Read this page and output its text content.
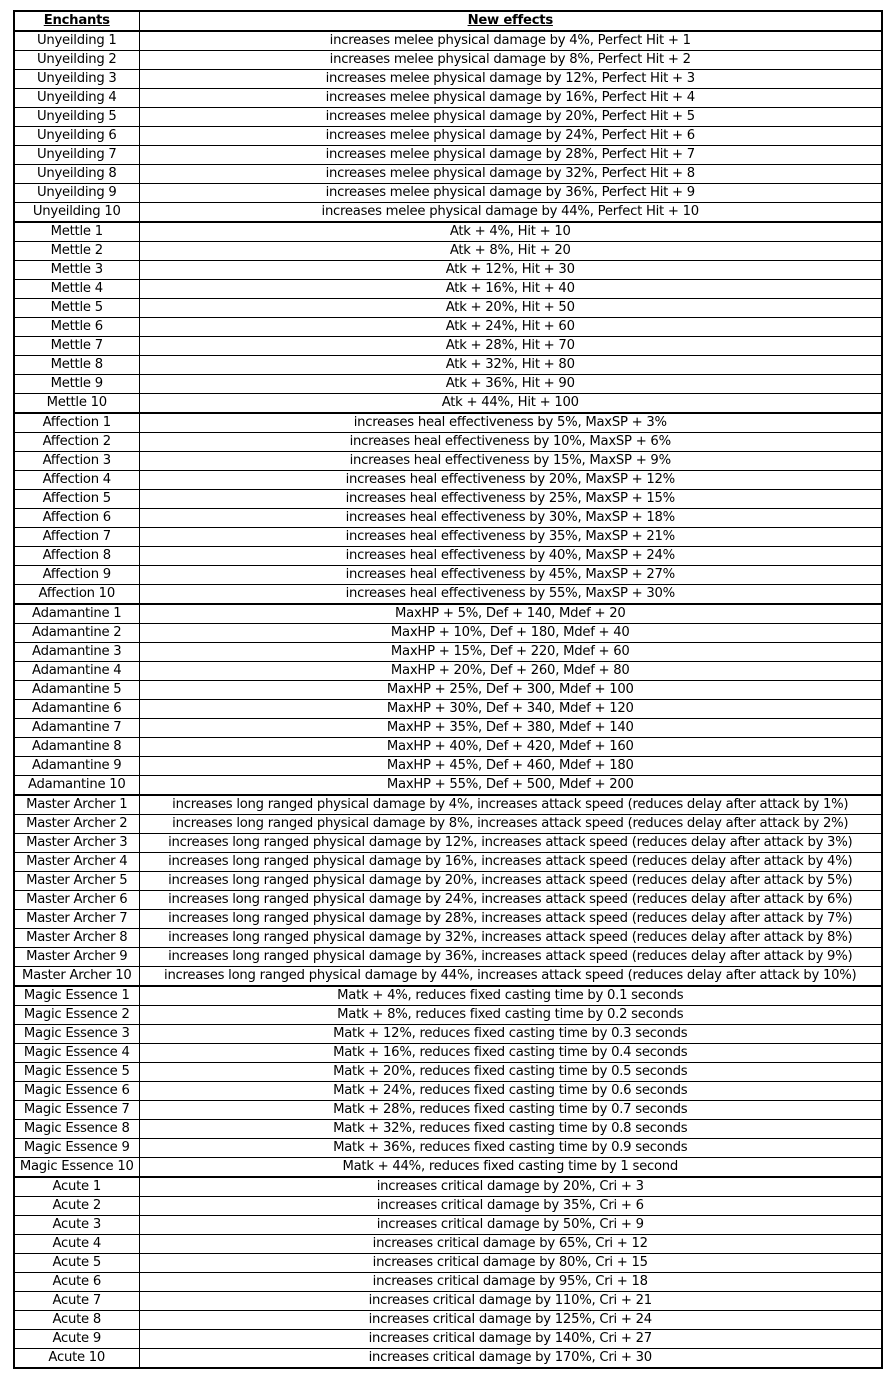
Enchants	New effects
Unyeilding 1	increases melee physical damage by 4%, Perfect Hit + 1
Unyeilding 2	increases melee physical damage by 8%, Perfect Hit + 2
Unyeilding 3	increases melee physical damage by 12%, Perfect Hit + 3
Unyeilding 4	increases melee physical damage by 16%, Perfect Hit + 4
Unyeilding 5	increases melee physical damage by 20%, Perfect Hit + 5
Unyeilding 6	increases melee physical damage by 24%, Perfect Hit + 6
Unyeilding 7	increases melee physical damage by 28%, Perfect Hit + 7
Unyeilding 8	increases melee physical damage by 32%, Perfect Hit + 8
Unyeilding 9	increases melee physical damage by 36%, Perfect Hit + 9
Unyeilding 10	increases melee physical damage by 44%, Perfect Hit + 10
Mettle 1	Atk + 4%, Hit + 10
Mettle 2	Atk + 8%, Hit + 20
Mettle 3	Atk + 12%, Hit + 30
Mettle 4	Atk + 16%, Hit + 40
Mettle 5	Atk + 20%, Hit + 50
Mettle 6	Atk + 24%, Hit + 60
Mettle 7	Atk + 28%, Hit + 70
Mettle 8	Atk + 32%, Hit + 80
Mettle 9	Atk + 36%, Hit + 90
Mettle 10	Atk + 44%, Hit + 100
Affection 1	increases heal effectiveness by 5%, MaxSP + 3%
Affection 2	increases heal effectiveness by 10%, MaxSP + 6%
Affection 3	increases heal effectiveness by 15%, MaxSP + 9%
Affection 4	increases heal effectiveness by 20%, MaxSP + 12%
Affection 5	increases heal effectiveness by 25%, MaxSP + 15%
Affection 6	increases heal effectiveness by 30%, MaxSP + 18%
Affection 7	increases heal effectiveness by 35%, MaxSP + 21%
Affection 8	increases heal effectiveness by 40%, MaxSP + 24%
Affection 9	increases heal effectiveness by 45%, MaxSP + 27%
Affection 10	increases heal effectiveness by 55%, MaxSP + 30%
Adamantine 1	MaxHP + 5%, Def + 140, Mdef + 20
Adamantine 2	MaxHP + 10%, Def + 180, Mdef + 40
Adamantine 3	MaxHP + 15%, Def + 220, Mdef + 60
Adamantine 4	MaxHP + 20%, Def + 260, Mdef + 80
Adamantine 5	MaxHP + 25%, Def + 300, Mdef + 100
Adamantine 6	MaxHP + 30%, Def + 340, Mdef + 120
Adamantine 7	MaxHP + 35%, Def + 380, Mdef + 140
Adamantine 8	MaxHP + 40%, Def + 420, Mdef + 160
Adamantine 9	MaxHP + 45%, Def + 460, Mdef + 180
Adamantine 10	MaxHP + 55%, Def + 500, Mdef + 200
Master Archer 1	increases long ranged physical damage by 4%, increases attack speed (reduces delay after attack by 1%)
Master Archer 2	increases long ranged physical damage by 8%, increases attack speed (reduces delay after attack by 2%)
Master Archer 3	increases long ranged physical damage by 12%, increases attack speed (reduces delay after attack by 3%)
Master Archer 4	increases long ranged physical damage by 16%, increases attack speed (reduces delay after attack by 4%)
Master Archer 5	increases long ranged physical damage by 20%, increases attack speed (reduces delay after attack by 5%)
Master Archer 6	increases long ranged physical damage by 24%, increases attack speed (reduces delay after attack by 6%)
Master Archer 7	increases long ranged physical damage by 28%, increases attack speed (reduces delay after attack by 7%)
Master Archer 8	increases long ranged physical damage by 32%, increases attack speed (reduces delay after attack by 8%)
Master Archer 9	increases long ranged physical damage by 36%, increases attack speed (reduces delay after attack by 9%)
Master Archer 10	increases long ranged physical damage by 44%, increases attack speed (reduces delay after attack by 10%)
Magic Essence 1	Matk + 4%, reduces fixed casting time by 0.1 seconds
Magic Essence 2	Matk + 8%, reduces fixed casting time by 0.2 seconds
Magic Essence 3	Matk + 12%, reduces fixed casting time by 0.3 seconds
Magic Essence 4	Matk + 16%, reduces fixed casting time by 0.4 seconds
Magic Essence 5	Matk + 20%, reduces fixed casting time by 0.5 seconds
Magic Essence 6	Matk + 24%, reduces fixed casting time by 0.6 seconds
Magic Essence 7	Matk + 28%, reduces fixed casting time by 0.7 seconds
Magic Essence 8	Matk + 32%, reduces fixed casting time by 0.8 seconds
Magic Essence 9	Matk + 36%, reduces fixed casting time by 0.9 seconds
Magic Essence 10	Matk + 44%, reduces fixed casting time by 1 second
Acute 1	increases critical damage by 20%, Cri + 3
Acute 2	increases critical damage by 35%, Cri + 6
Acute 3	increases critical damage by 50%, Cri + 9
Acute 4	increases critical damage by 65%, Cri + 12
Acute 5	increases critical damage by 80%, Cri + 15
Acute 6	increases critical damage by 95%, Cri + 18
Acute 7	increases critical damage by 110%, Cri + 21
Acute 8	increases critical damage by 125%, Cri + 24
Acute 9	increases critical damage by 140%, Cri + 27
Acute 10	increases critical damage by 170%, Cri + 30
